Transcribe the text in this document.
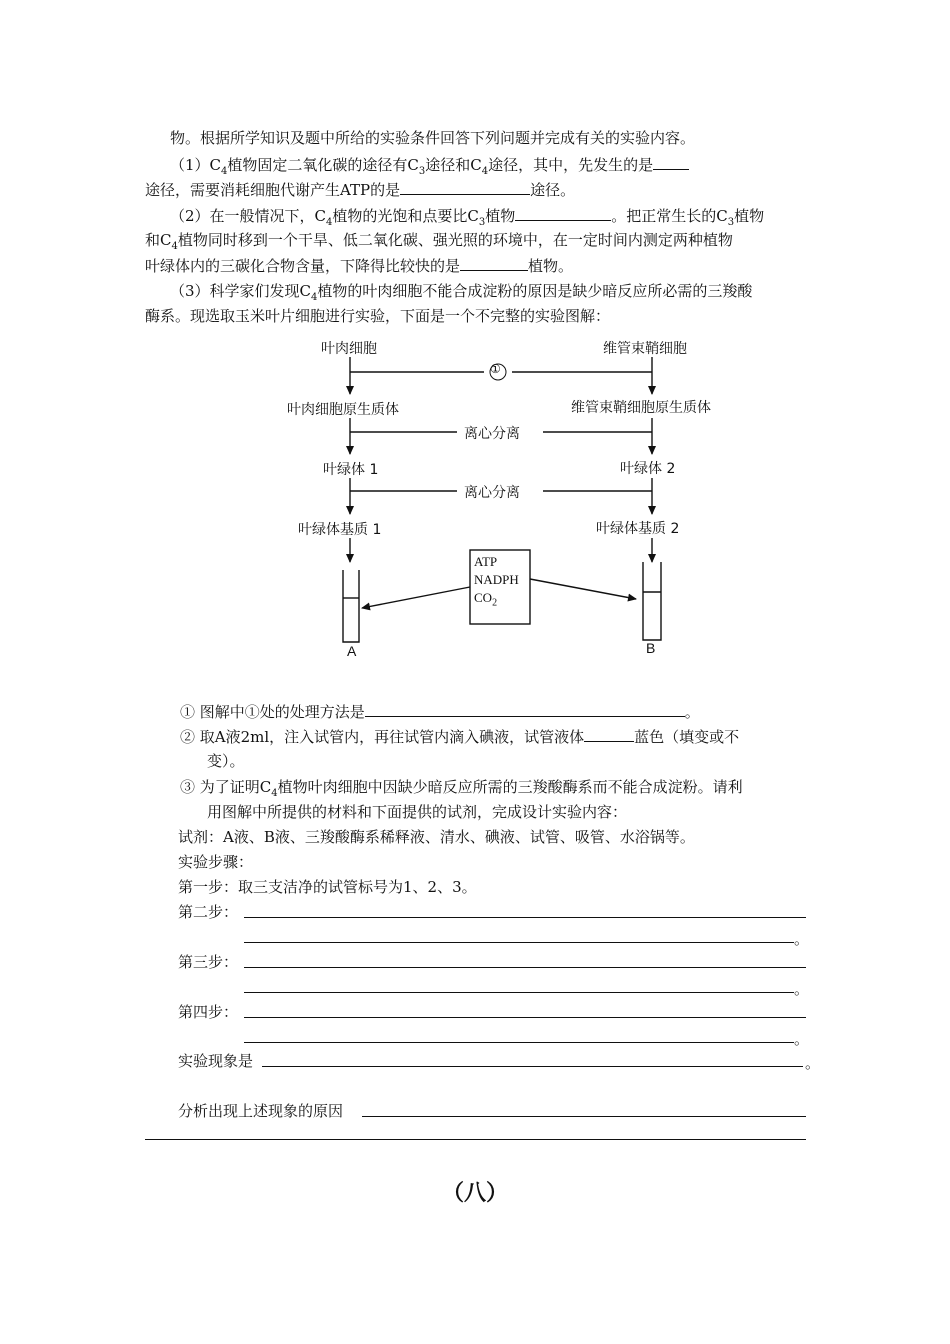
物。根据所学知识及题中所给的实验条件回答下列问题并完成有关的实验内容。
$(1)C_4$植物固定二氧化碳的途径有$C_3$途径和$C_4$途径，其中，先发生的是
途径，需要消耗细胞代谢产生ATP的是	途径。
（2）在一般情况下，$C_4$植物的光饱和点要比$C_3$植物	。把正常生长的$C_3$植物
和$C_4$植物同时移到一个干旱、低二氧化碳、强光照的环境中，在一定时间内测定两种植物
叶绿体内的三碳化合物含量，下降得比较快的是	植物。
（3）科学家们发现$C_4$植物的叶肉细胞不能合成淀粉的原因是缺少暗反应所必需的三羧酸
酶系。现选取玉米叶片细胞进行实验，下面是一个不完整的实验图解：
叶肉细胞	维管束鞘细胞
①
叶肉细胞原生质体	维管束鞘细胞原生质体
离心分离
叶绿体 1	叶绿体 2
离心分离
叶绿体基质 1	叶绿体基质 2
ATP
NADPH
$CO_2$
A	B
① 图解中①处的处理方法是	。
② 取A液2ml，注入试管内，再往试管内滴入碘液，试管液体	蓝色（填变或不
变）。
③ 为了证明$C_4$植物叶肉细胞中因缺少暗反应所需的三羧酸酶系而不能合成淀粉。请利
用图解中所提供的材料和下面提供的试剂，完成设计实验内容：
试剂：A液、B液、三羧酸酶系稀释液、清水、碘液、试管、吸管、水浴锅等。
实验步骤：
第一步：取三支洁净的试管标号为1、2、3。
第二步：
。
第三步：
。
第四步：
。
实验现象是	。
分析出现上述现象的原因
（八）
